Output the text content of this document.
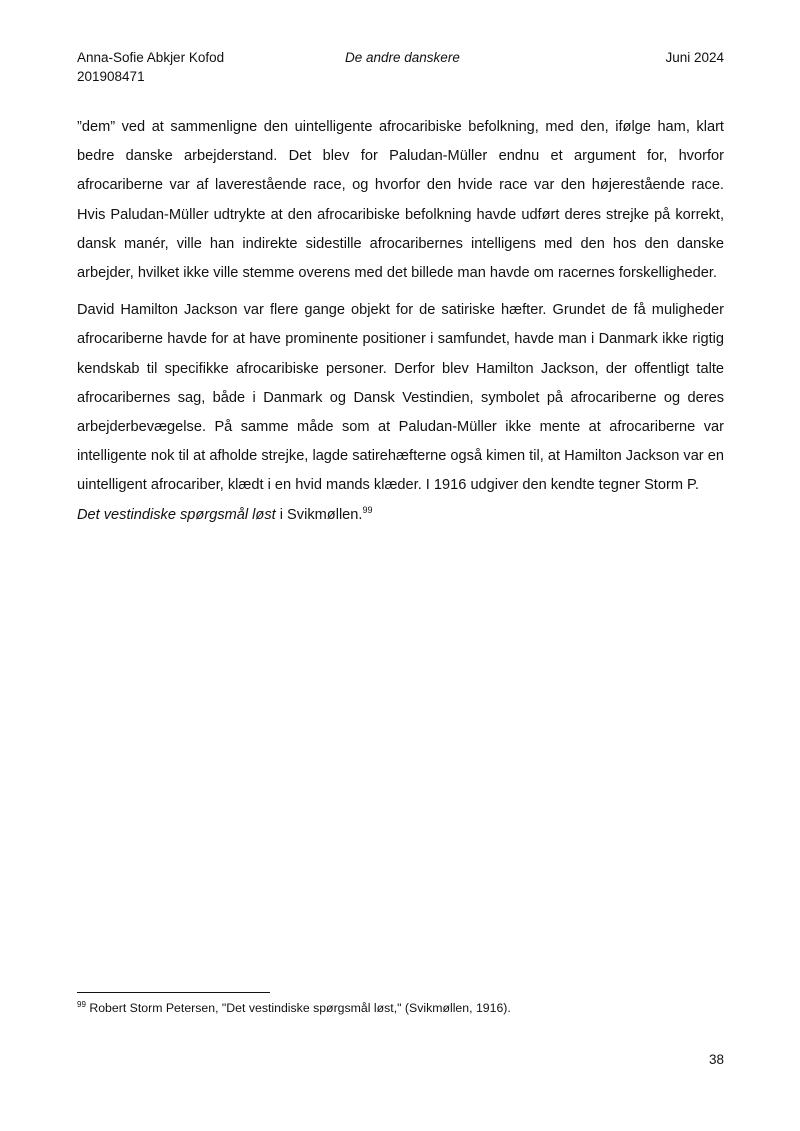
Anna-Sofie Abkjer Kofod
201908471
De andre danskere	Juni 2024

”dem” ved at sammenligne den uintelligente afrocaribiske befolkning, med den, ifølge ham, klart bedre danske arbejderstand. Det blev for Paludan-Müller endnu et argument for, hvorfor afrocariberne var af laverestående race, og hvorfor den hvide race var den højerestående race. Hvis Paludan-Müller udtrykte at den afrocaribiske befolkning havde udført deres strejke på korrekt, dansk manér, ville han indirekte sidestille afrocaribernes intelligens med den hos den danske arbejder, hvilket ikke ville stemme overens med det billede man havde om racernes forskelligheder.

David Hamilton Jackson var flere gange objekt for de satiriske hæfter. Grundet de få muligheder afrocariberne havde for at have prominente positioner i samfundet, havde man i Danmark ikke rigtig kendskab til specifikke afrocaribiske personer. Derfor blev Hamilton Jackson, der offentligt talte afrocaribernes sag, både i Danmark og Dansk Vestindien, symbolet på afrocariberne og deres arbejderbevægelse. På samme måde som at Paludan-Müller ikke mente at afrocariberne var intelligente nok til at afholde strejke, lagde satirehæfterne også kimen til, at Hamilton Jackson var en uintelligent afrocariber, klædt i en hvid mands klæder. I 1916 udgiver den kendte tegner Storm P.
Det vestindiske spørgsmål løst i Svikmøllen.$^{99}$

$^{99}$ Robert Storm Petersen, "Det vestindiske spørgsmål løst," (Svikmøllen, 1916).
38
